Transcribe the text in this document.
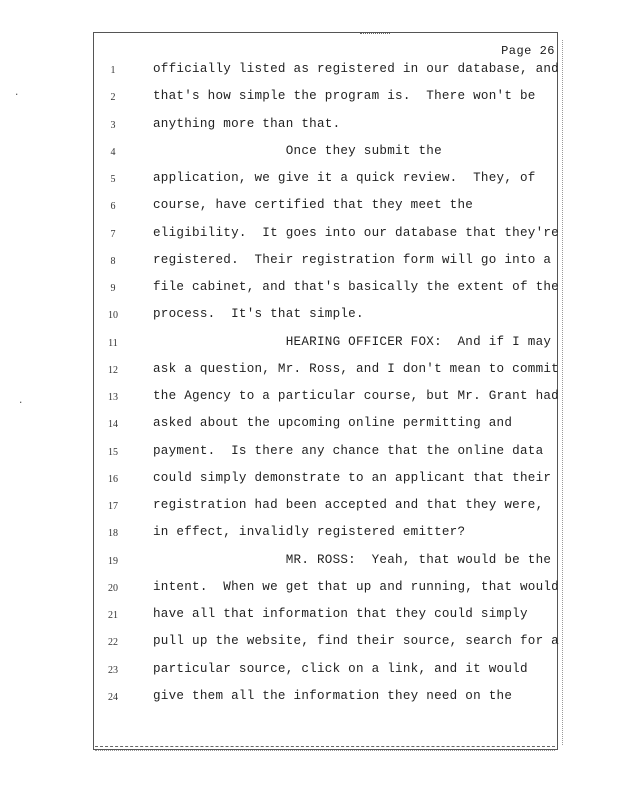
·
·
Page 26
1	officially listed as registered in our database, and
2	that's how simple the program is.  There won't be
3	anything more than that.
4	Once they submit the
5	application, we give it a quick review.  They, of
6	course, have certified that they meet the
7	eligibility.  It goes into our database that they're
8	registered.  Their registration form will go into a
9	file cabinet, and that's basically the extent of the
10	process.  It's that simple.
11	HEARING OFFICER FOX:  And if I may
12	ask a question, Mr. Ross, and I don't mean to commit
13	the Agency to a particular course, but Mr. Grant had
14	asked about the upcoming online permitting and
15	payment.  Is there any chance that the online data
16	could simply demonstrate to an applicant that their
17	registration had been accepted and that they were,
18	in effect, invalidly registered emitter?
19	MR. ROSS:  Yeah, that would be the
20	intent.  When we get that up and running, that would
21	have all that information that they could simply
22	pull up the website, find their source, search for a
23	particular source, click on a link, and it would
24	give them all the information they need on the
